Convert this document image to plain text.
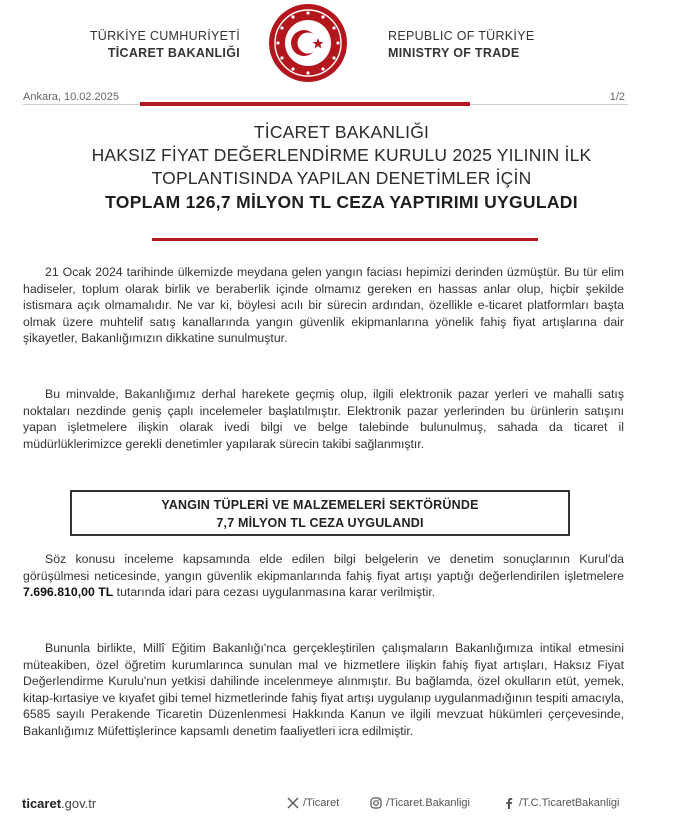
TÜRKİYE CUMHURİYETİ
TİCARET BAKANLIĞI
REPUBLIC OF TÜRKİYE
MINISTRY OF TRADE
Ankara, 10.02.2025	1/2
TİCARET BAKANLIĞI
HAKSIZ FİYAT DEĞERLENDİRME KURULU 2025 YILININ İLK
TOPLANTISINDA YAPILAN DENETİMLER İÇİN
TOPLAM 126,7 MİLYON TL CEZA YAPTIRIMI UYGULADI
21 Ocak 2024 tarihinde ülkemizde meydana gelen yangın faciası hepimizi derinden üzmüştür. Bu tür elim hadiseler, toplum olarak birlik ve beraberlik içinde olmamız gereken en hassas anlar olup, hiçbir şekilde istismara açık olmamalıdır. Ne var ki, böylesi acılı bir sürecin ardından, özellikle e-ticaret platformları başta olmak üzere muhtelif satış kanallarında yangın güvenlik ekipmanlarına yönelik fahiş fiyat artışlarına dair şikayetler, Bakanlığımızın dikkatine sunulmuştur.
Bu minvalde, Bakanlığımız derhal harekete geçmiş olup, ilgili elektronik pazar yerleri ve mahalli satış noktaları nezdinde geniş çaplı incelemeler başlatılmıştır. Elektronik pazar yerlerinden bu ürünlerin satışını yapan işletmelere ilişkin olarak ivedi bilgi ve belge talebinde bulunulmuş, sahada da ticaret il müdürlüklerimizce gerekli denetimler yapılarak sürecin takibi sağlanmıştır.
YANGIN TÜPLERİ VE MALZEMELERİ SEKTÖRÜNDE
7,7 MİLYON TL CEZA UYGULANDI
Söz konusu inceleme kapsamında elde edilen bilgi belgelerin ve denetim sonuçlarının Kurul'da görüşülmesi neticesinde, yangın güvenlik ekipmanlarında fahiş fiyat artışı yaptığı değerlendirilen işletmelere 7.696.810,00 TL tutarında idari para cezası uygulanmasına karar verilmiştir.
Bununla birlikte, Millî Eğitim Bakanlığı'nca gerçekleştirilen çalışmaların Bakanlığımıza intikal etmesini müteakiben, özel öğretim kurumlarınca sunulan mal ve hizmetlere ilişkin fahiş fiyat artışları, Haksız Fiyat Değerlendirme Kurulu'nun yetkisi dahilinde incelenmeye alınmıştır. Bu bağlamda, özel okulların etüt, yemek, kitap-kırtasiye ve kıyafet gibi temel hizmetlerinde fahiş fiyat artışı uygulanıp uygulanmadığının tespiti amacıyla, 6585 sayılı Perakende Ticaretin Düzenlenmesi Hakkında Kanun ve ilgili mevzuat hükümleri çerçevesinde, Bakanlığımız Müfettişlerince kapsamlı denetim faaliyetleri icra edilmiştir.
ticaret.gov.tr	/Ticaret	/Ticaret.Bakanligi	/T.C.TicaretBakanligi
